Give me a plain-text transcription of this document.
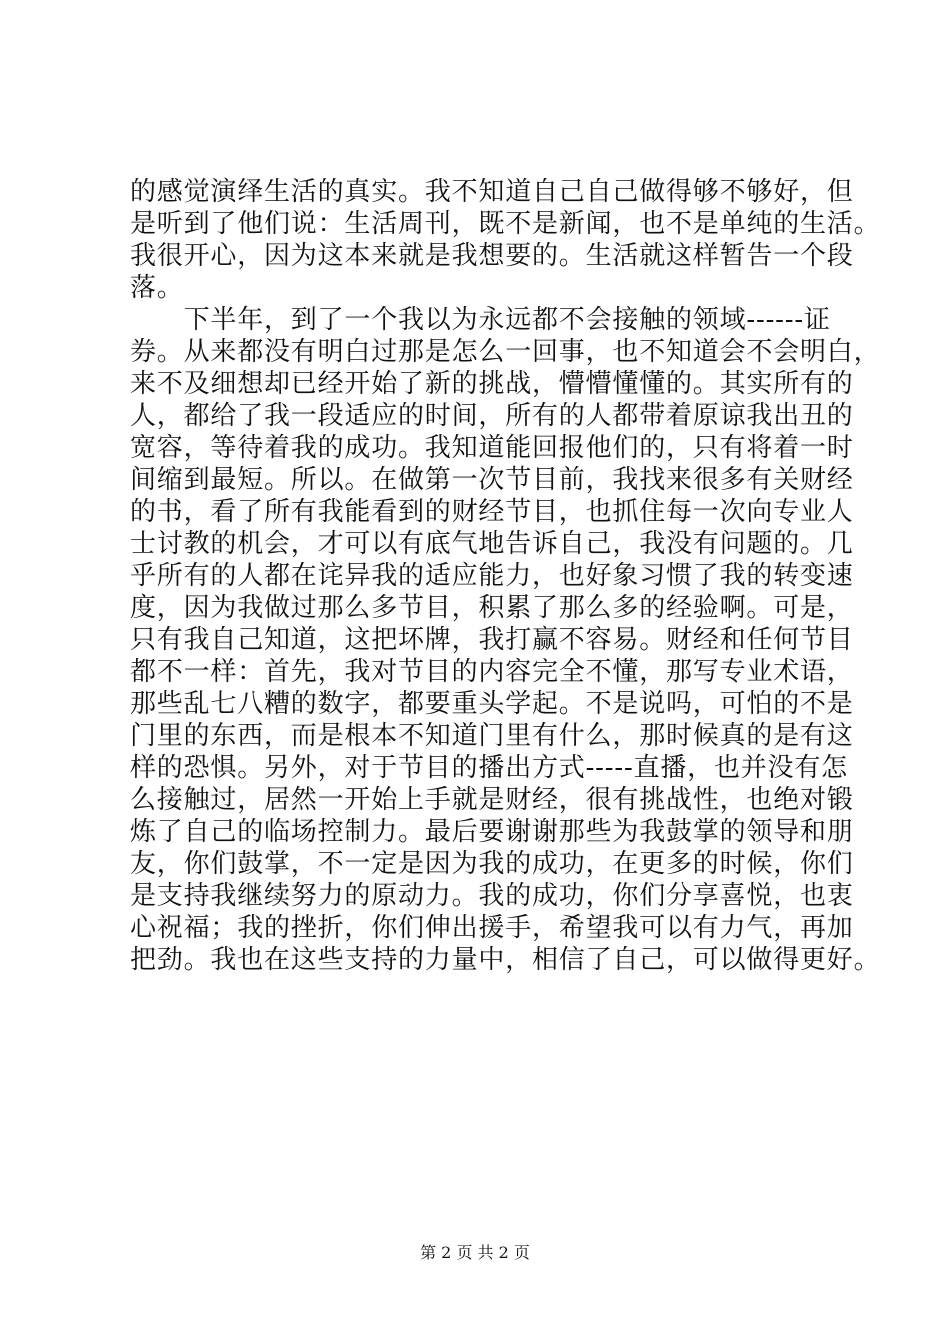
的感觉演绎生活的真实。我不知道自己自己做得够不够好，但
是听到了他们说：生活周刊，既不是新闻，也不是单纯的生活。
我很开心，因为这本来就是我想要的。生活就这样暂告一个段
落。
　　下半年，到了一个我以为永远都不会接触的领域------证
券。从来都没有明白过那是怎么一回事，也不知道会不会明白，
来不及细想却已经开始了新的挑战，懵懵懂懂的。其实所有的
人，都给了我一段适应的时间，所有的人都带着原谅我出丑的
宽容，等待着我的成功。我知道能回报他们的，只有将着一时
间缩到最短。所以。在做第一次节目前，我找来很多有关财经
的书，看了所有我能看到的财经节目，也抓住每一次向专业人
士讨教的机会，才可以有底气地告诉自己，我没有问题的。几
乎所有的人都在诧异我的适应能力，也好象习惯了我的转变速
度，因为我做过那么多节目，积累了那么多的经验啊。可是，
只有我自己知道，这把坏牌，我打赢不容易。财经和任何节目
都不一样：首先，我对节目的内容完全不懂，那写专业术语，
那些乱七八糟的数字，都要重头学起。不是说吗，可怕的不是
门里的东西，而是根本不知道门里有什么，那时候真的是有这
样的恐惧。另外，对于节目的播出方式-----直播，也并没有怎
么接触过，居然一开始上手就是财经，很有挑战性，也绝对锻
炼了自己的临场控制力。最后要谢谢那些为我鼓掌的领导和朋
友，你们鼓掌，不一定是因为我的成功，在更多的时候，你们
是支持我继续努力的原动力。我的成功，你们分享喜悦，也衷
心祝福；我的挫折，你们伸出援手，希望我可以有力气，再加
把劲。我也在这些支持的力量中，相信了自己，可以做得更好。
第 2 页 共 2 页
